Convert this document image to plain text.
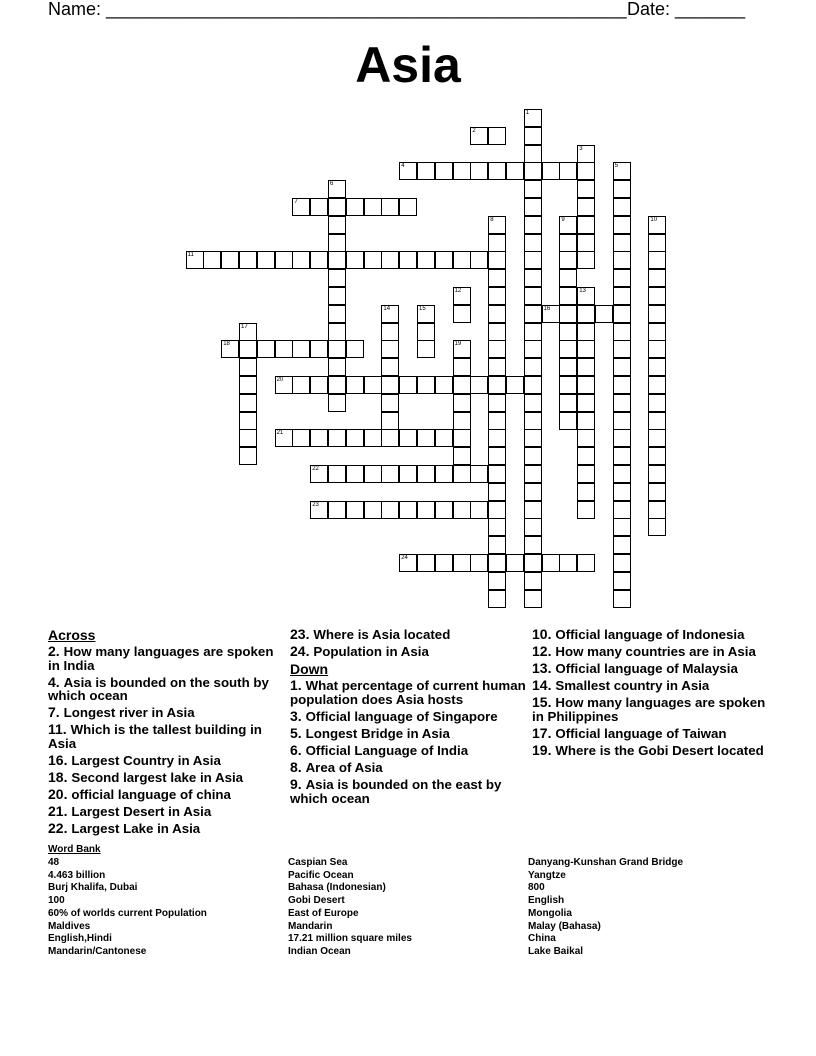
Name: ____________________________________________________ Date: _______
Asia
2
4
7
11
16
18
20
21
22
23
24
1
3
5
6
8	9	10
12	13
14	15
17
19
Across
2. How many languages are spoken in India
4. Asia is bounded on the south by which ocean
7. Longest river in Asia
11. Which is the tallest building in Asia
16. Largest Country in Asia
18. Second largest lake in Asia
20. official language of china
21. Largest Desert in Asia
22. Largest Lake in Asia
23. Where is Asia located
24. Population in Asia
Down
1. What percentage of current human population does Asia hosts
3. Official language of Singapore
5. Longest Bridge in Asia
6. Official Language of India
8. Area of Asia
9. Asia is bounded on the east by which ocean
10. Official language of Indonesia
12. How many countries are in Asia
13. Official language of Malaysia
14. Smallest country in Asia
15. How many languages are spoken in Philippines
17. Official language of Taiwan
19. Where is the Gobi Desert located
Word Bank
48
4.463 billion
Burj Khalifa, Dubai
100
60% of worlds current Population
Maldives
English,Hindi
Mandarin/Cantonese
Caspian Sea
Pacific Ocean
Bahasa (Indonesian)
Gobi Desert
East of Europe
Mandarin
17.21 million square miles
Indian Ocean
Danyang-Kunshan Grand Bridge
Yangtze
800
English
Mongolia
Malay (Bahasa)
China
Lake Baikal
